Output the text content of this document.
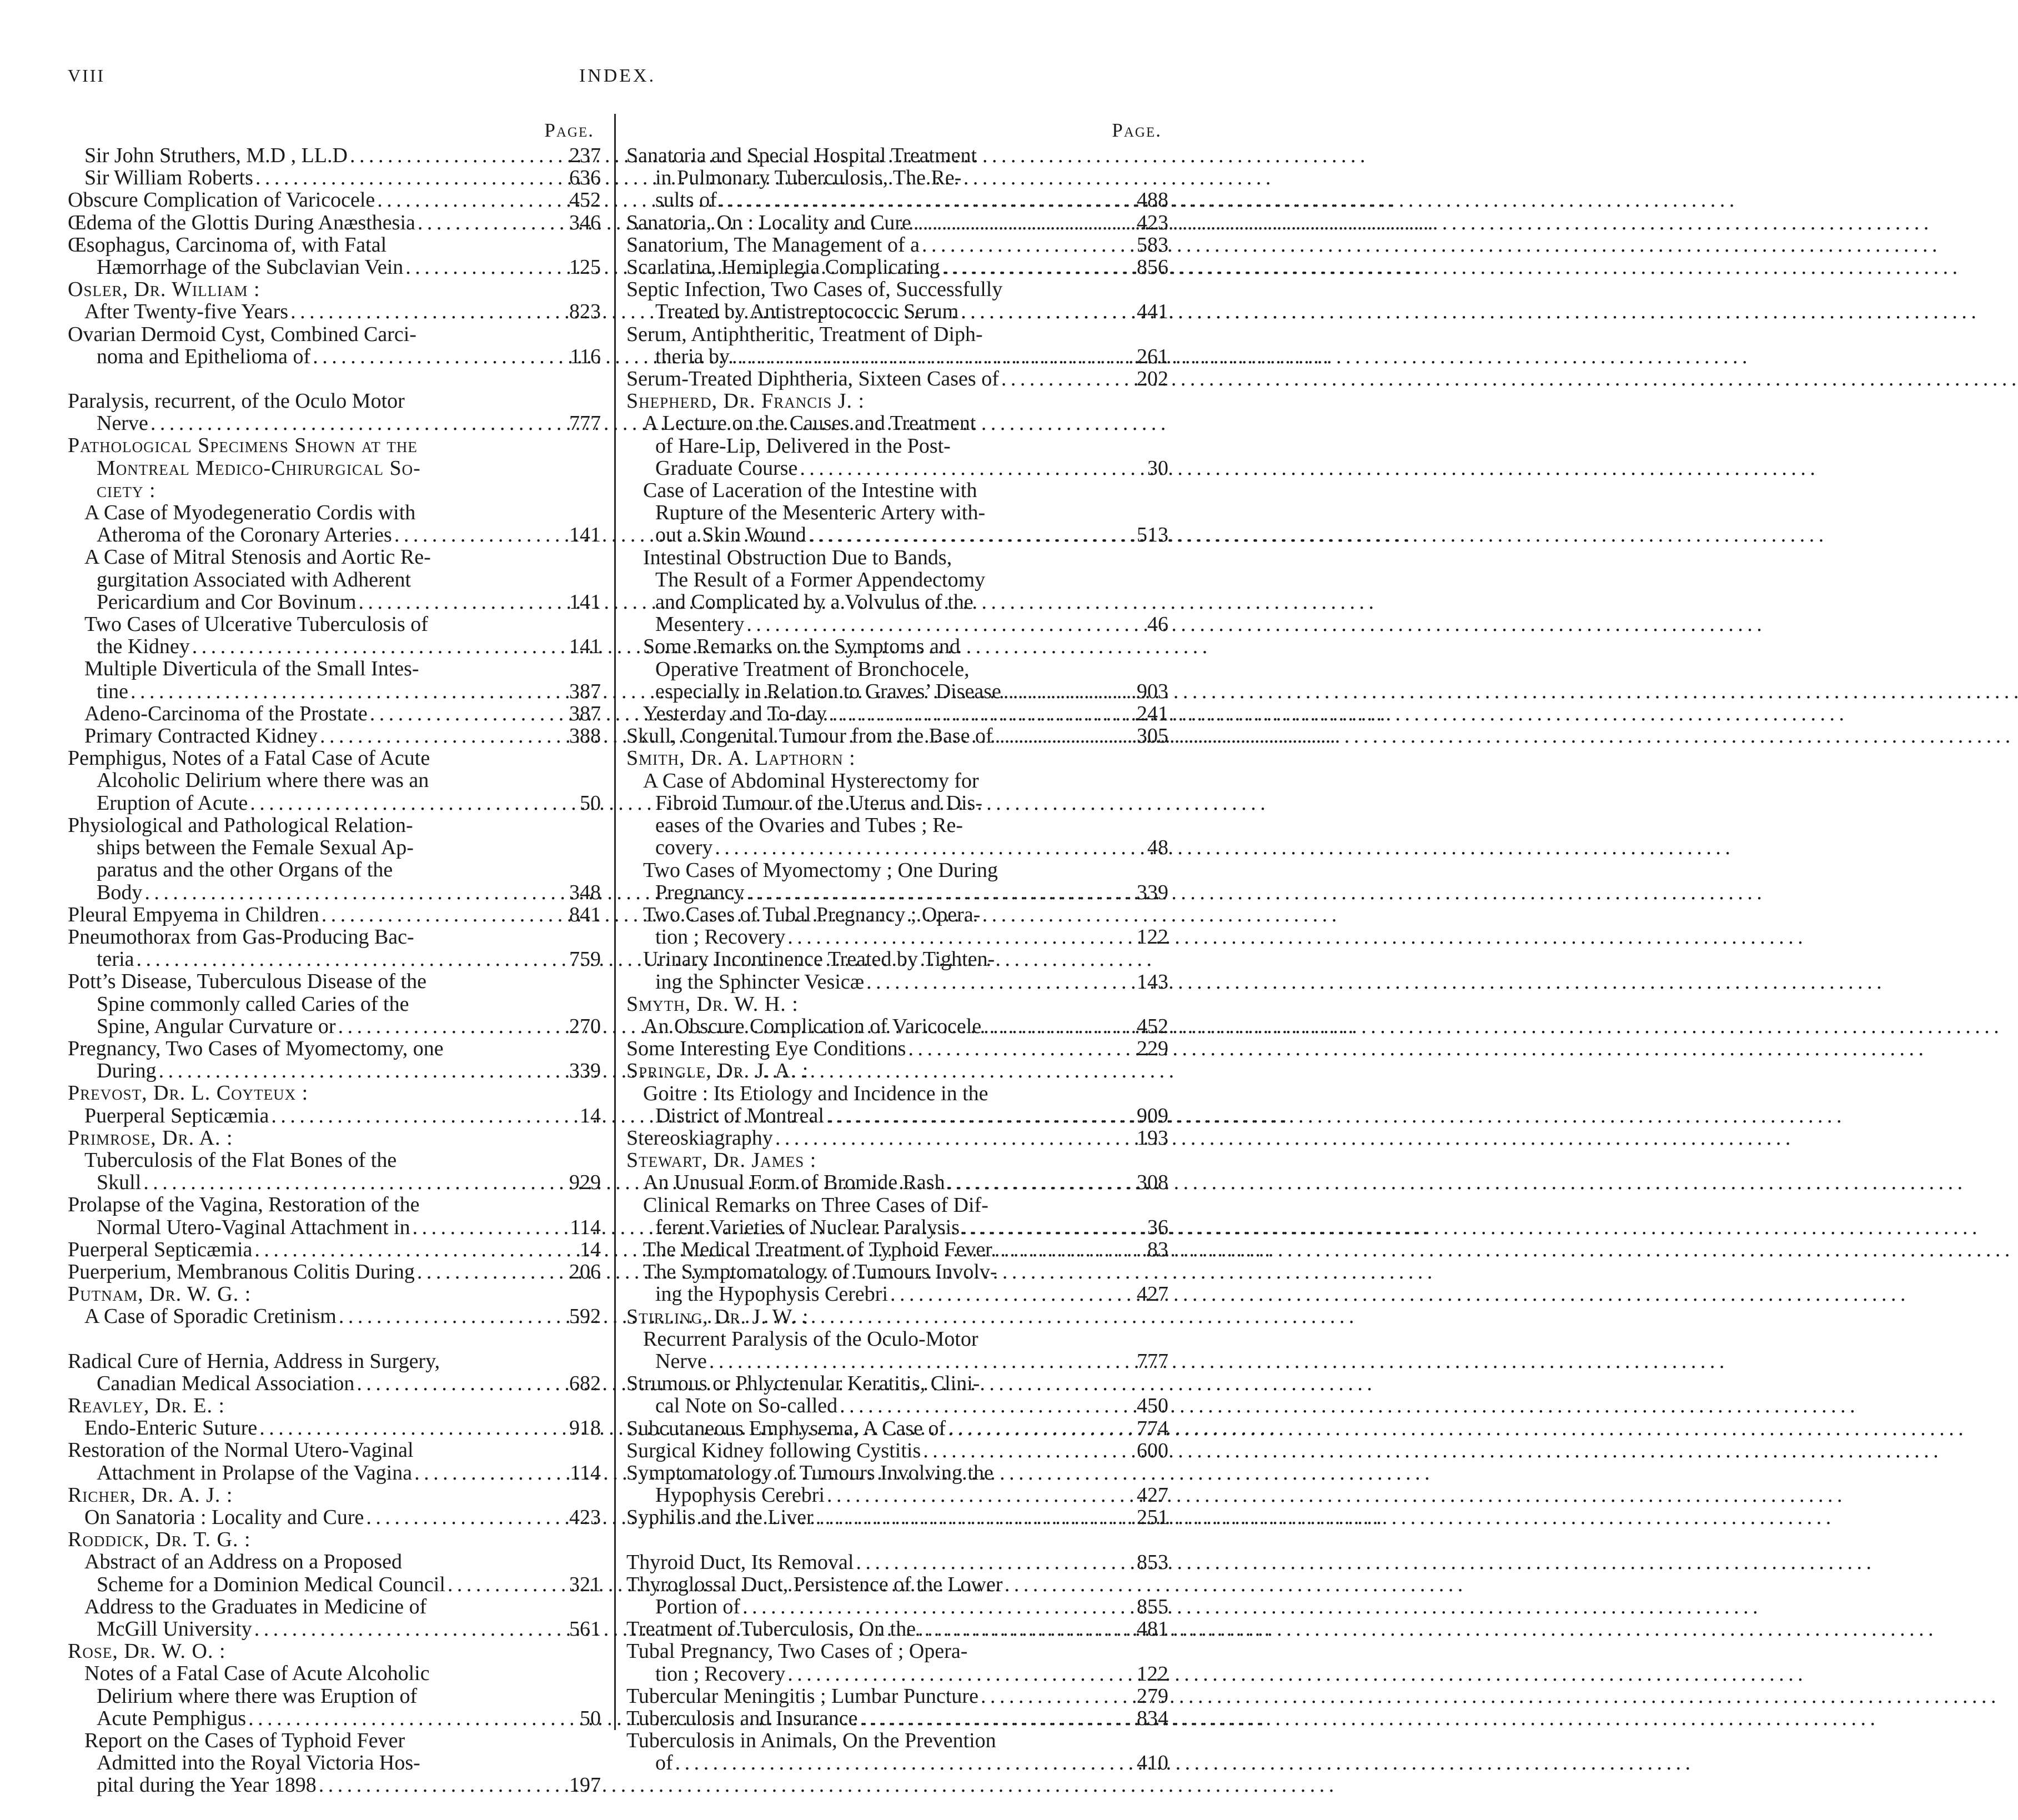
VIII	INDEX.
Page.
Sir John Struthers, M.D , LL.D . . .	237
Sir William Roberts . . .	636
Obscure Complication of Varicocele . . .	452
Œdema of the Glottis During Anæsthesia . . .	346
Œsophagus, Carcinoma of, with Fatal
Hæmorrhage of the Subclavian Vein . . .	125
Osler, Dr. William :
After Twenty-five Years . . .	823
Ovarian Dermoid Cyst, Combined Carci-
noma and Epithelioma of . . .	116
Paralysis, recurrent, of the Oculo Motor
Nerve . . .	777
Pathological Specimens Shown at the
Montreal Medico-Chirurgical So-
ciety :
A Case of Myodegeneratio Cordis with
Atheroma of the Coronary Arteries . . .	141
A Case of Mitral Stenosis and Aortic Re-
gurgitation Associated with Adherent
Pericardium and Cor Bovinum . . .	141
Two Cases of Ulcerative Tuberculosis of
the Kidney . . .	141
Multiple Diverticula of the Small Intes-
tine . . .	387
Adeno-Carcinoma of the Prostate . . .	387
Primary Contracted Kidney . . .	388
Pemphigus, Notes of a Fatal Case of Acute
Alcoholic Delirium where there was an
Eruption of Acute . . .	50
Physiological and Pathological Relation-
ships between the Female Sexual Ap-
paratus and the other Organs of the
Body . . .	348
Pleural Empyema in Children . . .	841
Pneumothorax from Gas-Producing Bac-
teria . . .	759
Pott’s Disease, Tuberculous Disease of the
Spine commonly called Caries of the
Spine, Angular Curvature or . . .	270
Pregnancy, Two Cases of Myomectomy, one
During . . .	339
Prevost, Dr. L. Coyteux :
Puerperal Septicæmia . . .	14
Primrose, Dr. A. :
Tuberculosis of the Flat Bones of the
Skull . . .	929
Prolapse of the Vagina, Restoration of the
Normal Utero-Vaginal Attachment in . . .	114
Puerperal Septicæmia . . .	14
Puerperium, Membranous Colitis During . . .	206
Putnam, Dr. W. G. :
A Case of Sporadic Cretinism . . .	592
Radical Cure of Hernia, Address in Surgery,
Canadian Medical Association . . .	682
Reavley, Dr. E. :
Endo-Enteric Suture . . .	918
Restoration of the Normal Utero-Vaginal
Attachment in Prolapse of the Vagina . . .	114
Richer, Dr. A. J. :
On Sanatoria : Locality and Cure . . .	423
Roddick, Dr. T. G. :
Abstract of an Address on a Proposed
Scheme for a Dominion Medical Council . . .	321
Address to the Graduates in Medicine of
McGill University . . .	561
Rose, Dr. W. O. :
Notes of a Fatal Case of Acute Alcoholic
Delirium where there was Eruption of
Acute Pemphigus . . .	50
Report on the Cases of Typhoid Fever
Admitted into the Royal Victoria Hos-
pital during the Year 1898 . . .	197
Page.
Sanatoria and Special Hospital Treatment
in Pulmonary Tuberculosis, The Re-
sults of . . .	488
Sanatoria, On : Locality and Cure . . .	423
Sanatorium, The Management of a . . .	583
Scarlatina, Hemiplegia Complicating . . .	856
Septic Infection, Two Cases of, Successfully
Treated by Antistreptococcic Serum . . .	441
Serum, Antiphtheritic, Treatment of Diph-
theria by . . .	261
Serum-Treated Diphtheria, Sixteen Cases of . . .	202
Shepherd, Dr. Francis J. :
A Lecture on the Causes and Treatment
of Hare-Lip, Delivered in the Post-
Graduate Course . . .	30
Case of Laceration of the Intestine with
Rupture of the Mesenteric Artery with-
out a Skin Wound . . .	513
Intestinal Obstruction Due to Bands,
The Result of a Former Appendectomy
and Complicated by a Volvulus of the
Mesentery . . .	46
Some Remarks on the Symptoms and
Operative Treatment of Bronchocele,
especially in Relation to Graves’ Disease . . .	903
Yesterday and To-day . . .	241
Skull, Congenital Tumour from the Base of . . .	305
Smith, Dr. A. Lapthorn :
A Case of Abdominal Hysterectomy for
Fibroid Tumour of the Uterus and Dis-
eases of the Ovaries and Tubes ; Re-
covery . . .	48
Two Cases of Myomectomy ; One During
Pregnancy . . .	339
Two Cases of Tubal Pregnancy ; Opera-
tion ; Recovery . . .	122
Urinary Incontinence Treated by Tighten-
ing the Sphincter Vesicæ . . .	143
Smyth, Dr. W. H. :
An Obscure Complication of Varicocele . . .	452
Some Interesting Eye Conditions . . .	229
Springle, Dr. J. A. :
Goitre : Its Etiology and Incidence in the
District of Montreal . . .	909
Stereoskiagraphy . . .	193
Stewart, Dr. James :
An Unusual Form of Bromide Rash . . .	308
Clinical Remarks on Three Cases of Dif-
ferent Varieties of Nuclear Paralysis . . .	36
The Medical Treatment of Typhoid Fever . . .	83
The Symptomatology of Tumours Involv-
ing the Hypophysis Cerebri . . .	427
Stirling, Dr. J. W. :
Recurrent Paralysis of the Oculo-Motor
Nerve . . .	777
Strumous or Phlyctenular Keratitis, Clini-
cal Note on So-called . . .	450
Subcutaneous Emphysema, A Case of . . .	774
Surgical Kidney following Cystitis . . .	600
Symptomatology of Tumours Involving the
Hypophysis Cerebri . . .	427
Syphilis and the Liver . . .	251
Thyroid Duct, Its Removal . . .	853
Thyroglossal Duct, Persistence of the Lower
Portion of . . .	855
Treatment of Tuberculosis, On the . . .	481
Tubal Pregnancy, Two Cases of ; Opera-
tion ; Recovery . . .	122
Tubercular Meningitis ; Lumbar Puncture . . .	279
Tuberculosis and Insurance . . .	834
Tuberculosis in Animals, On the Prevention
of . . .	410
